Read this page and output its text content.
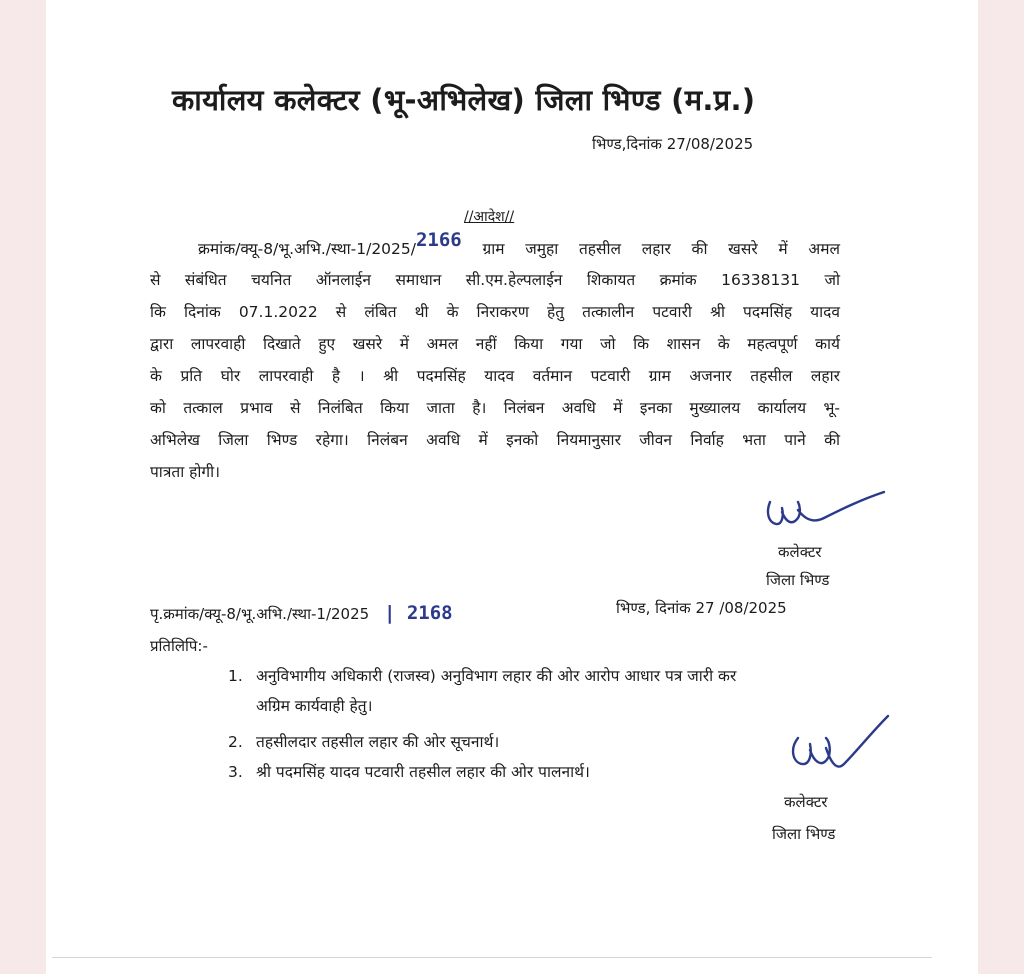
कार्यालय कलेक्टर (भू-अभिलेख) जिला भिण्ड (म.प्र.)
भिण्ड,दिनांक 27/08/2025
//आदेश//
क्रमांक/क्यू-8/भू.अभि./स्था-1/2025/2166 ग्राम जमुहा तहसील लहार की खसरे में अमल
से संबंधित चयनित ऑनलाईन समाधान सी.एम.हेल्पलाईन शिकायत क्रमांक 16338131 जो
कि दिनांक 07.1.2022 से लंबित थी के निराकरण हेतु तत्कालीन पटवारी श्री पदमसिंह यादव
द्वारा लापरवाही दिखाते हुए खसरे में अमल नहीं किया गया जो कि शासन के महत्वपूर्ण कार्य
के प्रति घोर लापरवाही है । श्री पदमसिंह यादव वर्तमान पटवारी ग्राम अजनार तहसील लहार
को तत्काल प्रभाव से निलंबित किया जाता है। निलंबन अवधि में इनका मुख्यालय कार्यालय भू-
अभिलेख जिला भिण्ड रहेगा। निलंबन अवधि में इनको नियमानुसार जीवन निर्वाह भता पाने की
पात्रता होगी।
कलेक्टर
जिला भिण्ड
पृ.क्रमांक/क्यू-8/भू.अभि./स्था-1/2025 | 2168	भिण्ड, दिनांक 27 /08/2025
प्रतिलिपि:-
1. अनुविभागीय अधिकारी (राजस्व) अनुविभाग लहार की ओर आरोप आधार पत्र जारी कर
अग्रिम कार्यवाही हेतु।
2. तहसीलदार तहसील लहार की ओर सूचनार्थ।
3. श्री पदमसिंह यादव पटवारी तहसील लहार की ओर पालनार्थ।
कलेक्टर
जिला भिण्ड
